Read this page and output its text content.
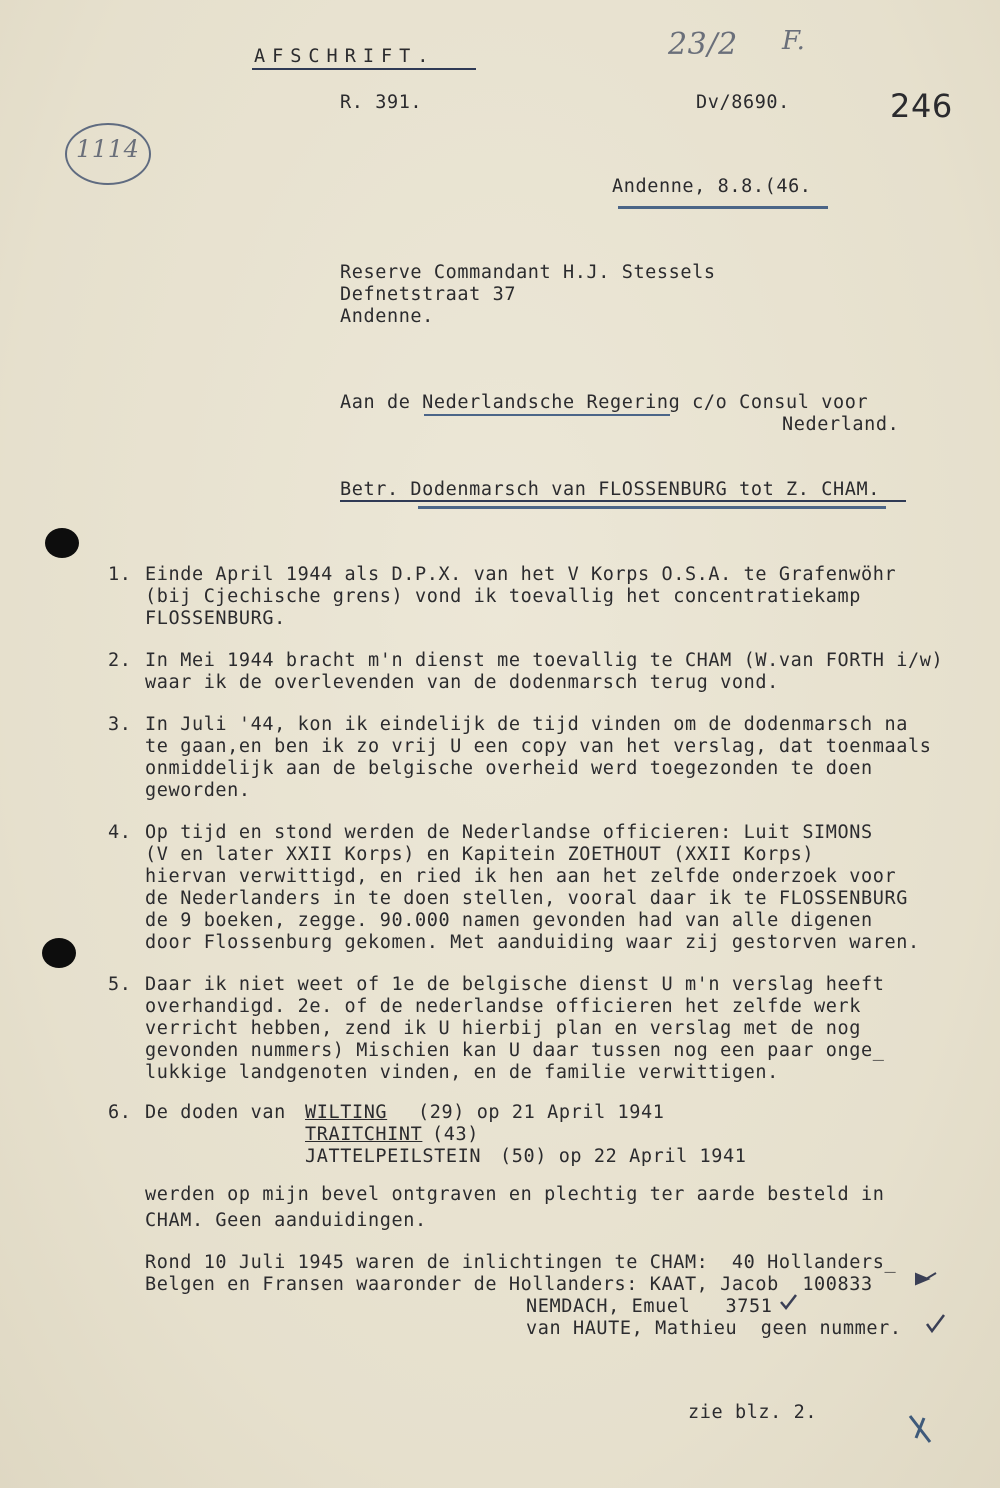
AFSCHRIFT.	23/2 F.
R. 391.	Dv/8690.	246
1114
Andenne, 8.8.(46.
Reserve Commandant H.J. Stessels
Defnetstraat 37
Andenne.
Aan de Nederlandsche Regering c/o Consul voor
Nederland.
Betr. Dodenmarsch van FLOSSENBURG tot Z. CHAM.
1. Einde April 1944 als D.P.X. van het V Korps O.S.A. te Grafenwöhr
(bij Cjechische grens) vond ik toevallig het concentratiekamp
FLOSSENBURG.
2. In Mei 1944 bracht m'n dienst me toevallig te CHAM (W.van FORTH i/w)
waar ik de overlevenden van de dodenmarsch terug vond.
3. In Juli '44, kon ik eindelijk de tijd vinden om de dodenmarsch na
te gaan,en ben ik zo vrij U een copy van het verslag, dat toenmaals
onmiddelijk aan de belgische overheid werd toegezonden te doen
geworden.
4. Op tijd en stond werden de Nederlandse officieren: Luit SIMONS
(V en later XXII Korps) en Kapitein ZOETHOUT (XXII Korps)
hiervan verwittigd, en ried ik hen aan het zelfde onderzoek voor
de Nederlanders in te doen stellen, vooral daar ik te FLOSSENBURG
de 9 boeken, zegge. 90.000 namen gevonden had van alle digenen
door Flossenburg gekomen. Met aanduiding waar zij gestorven waren.
5. Daar ik niet weet of 1e de belgische dienst U m'n verslag heeft
overhandigd. 2e. of de nederlandse officieren het zelfde werk
verricht hebben, zend ik U hierbij plan en verslag met de nog
gevonden nummers) Mischien kan U daar tussen nog een paar onge_
lukkige landgenoten vinden, en de familie verwittigen.
6. De doden van WILTING (29) op 21 April 1941
TRAITCHINT (43)
JATTELPEILSTEIN (50) op 22 April 1941
werden op mijn bevel ontgraven en plechtig ter aarde besteld in
CHAM. Geen aanduidingen.
Rond 10 Juli 1945 waren de inlichtingen te CHAM:  40 Hollanders_
Belgen en Fransen waaronder de Hollanders: KAAT, Jacob  100833
NEMDACH, Emuel   3751
van HAUTE, Mathieu  geen nummer.
zie blz. 2.
